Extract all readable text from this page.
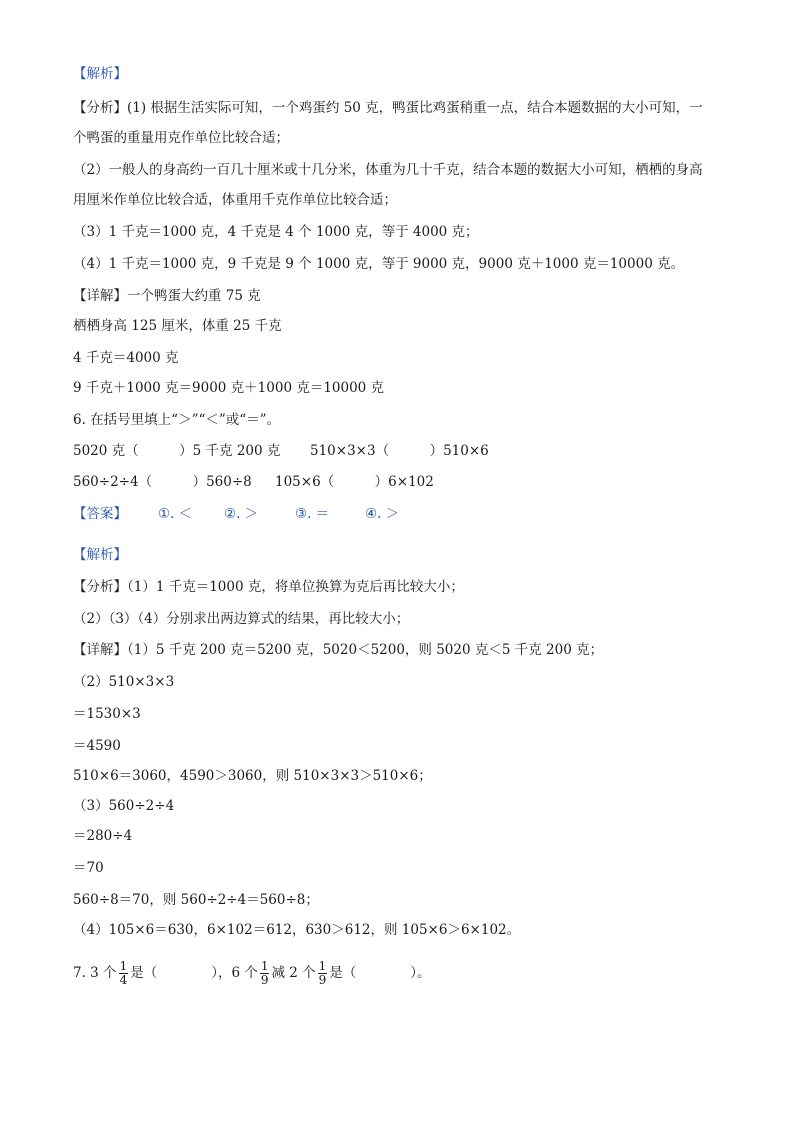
【解析】
【分析】(1) 根据生活实际可知，一个鸡蛋约 50 克，鸭蛋比鸡蛋稍重一点，结合本题数据的大小可知，一
个鸭蛋的重量用克作单位比较合适；
（2）一般人的身高约一百几十厘米或十几分米，体重为几十千克，结合本题的数据大小可知，栖栖的身高
用厘米作单位比较合适，体重用千克作单位比较合适；
（3）1 千克＝1000 克，4 千克是 4 个 1000 克，等于 4000 克；
（4）1 千克＝1000 克，9 千克是 9 个 1000 克，等于 9000 克，9000 克＋1000 克＝10000 克。
【详解】一个鸭蛋大约重 75 克
栖栖身高 125 厘米，体重 25 千克
4 千克＝4000 克
9 千克＋1000 克＝9000 克＋1000 克＝10000 克
6. 在括号里填上“＞”“＜”或“＝”。
5020 克（　　　）5 千克 200 克 510×3×3（　　　）510×6
560÷2÷4（　　　）560÷8 105×6（　　　）6×102
【答案】 ①. ＜ ②. ＞	③. ＝	④. ＞
【解析】
【分析】（1）1 千克＝1000 克，将单位换算为克后再比较大小；
（2）（3）（4）分别求出两边算式的结果，再比较大小；
【详解】（1）5 千克 200 克＝5200 克，5020＜5200，则 5020 克＜5 千克 200 克；
（2）510×3×3
＝1530×3
＝4590
510×6＝3060，4590＞3060，则 510×3×3＞510×6；
（3）560÷2÷4
＝280÷4
＝70
560÷8＝70，则 560÷2÷4＝560÷8；
（4）105×6＝630，6×102＝612，630＞612，则 105×6＞6×102。
7. 3 个 $\frac{1}{4}$ 是（　　　　），6 个 $\frac{1}{9}$ 减 2 个 $\frac{1}{9}$ 是（　　　　）。
